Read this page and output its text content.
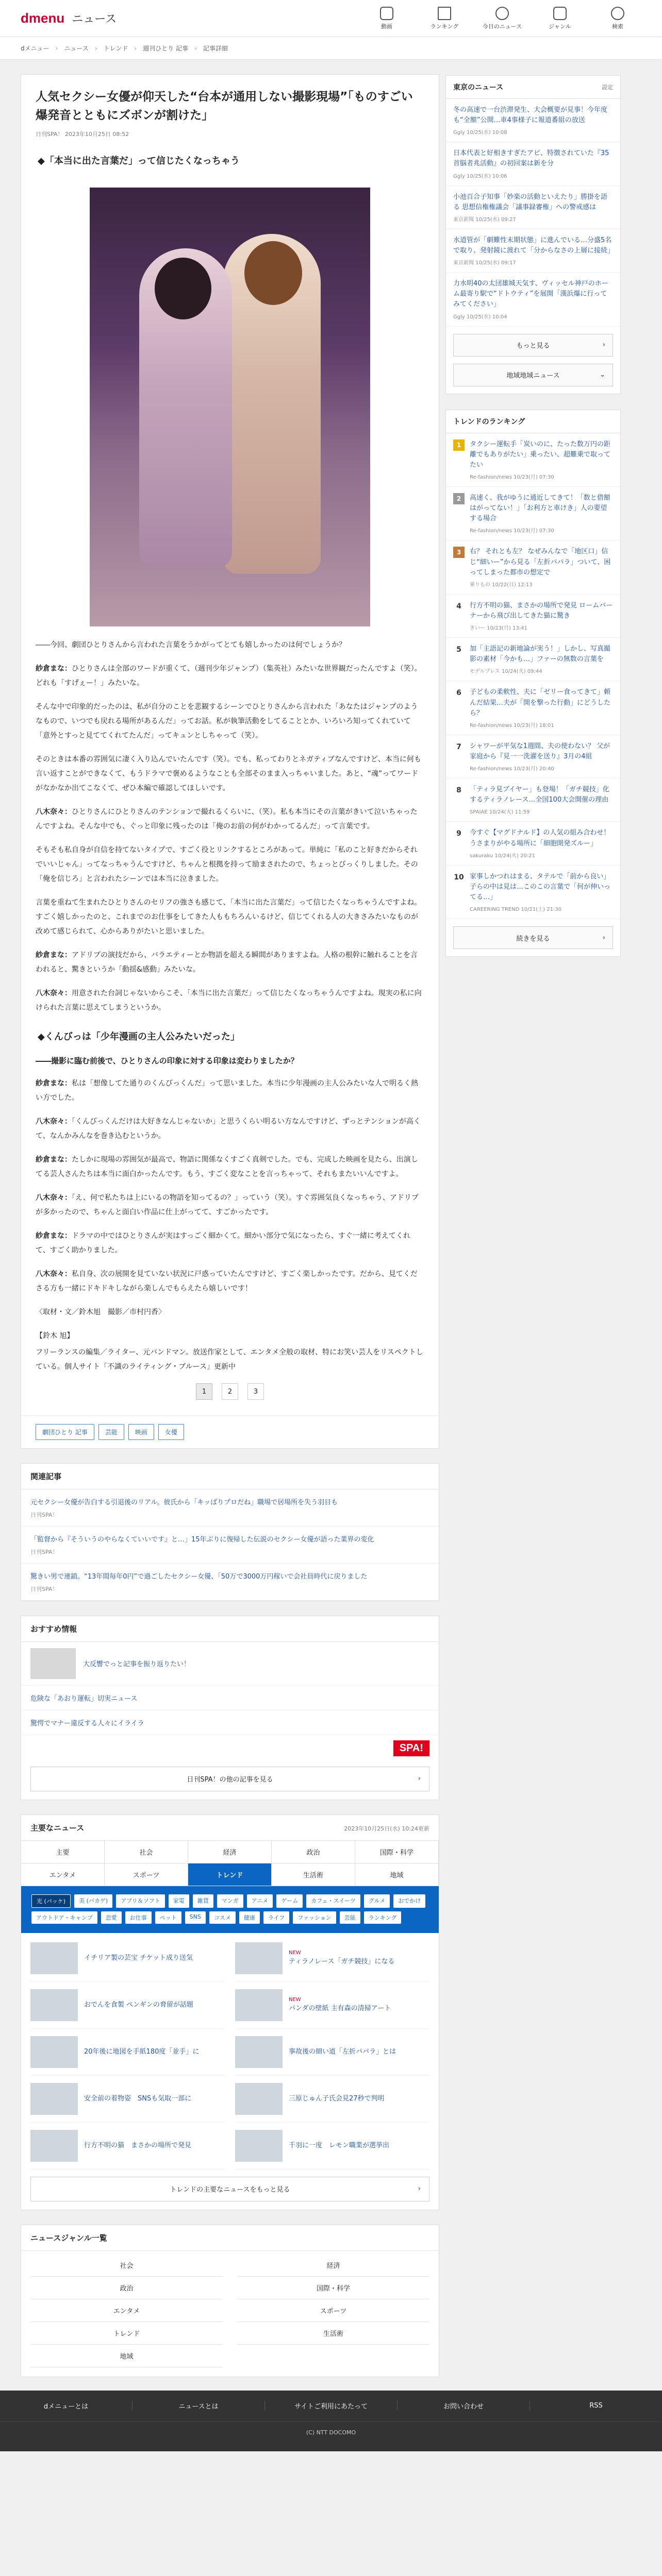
dmenu ニュース
動画	ランキング	今日のニュース	ジャンル	検索
dメニュー › ニュース › トレンド › 週刊ひとり 記事 › 記事詳細
人気セクシー女優が仰天した“台本が通用しない撮影現場”「ものすごい爆発音とともにズボンが割けた」
日刊SPA！ 2023年10月25日 08:52
◆「本当に出た言葉だ」って信じたくなっちゃう

――今回、劇団ひとりさんから言われた言葉をうかがってとても嬉しかったのは何でしょうか？

紗倉まな：ひとりさんは全部のワードが重くて、（週刊少年ジャンプ）（集英社）みたいな世界観だったんですよ（笑）。どれも「すげぇー！」みたいな。

そんな中で印象的だったのは、私が自分のことを悲観するシーンでひとりさんから言われた「あなたはジャンプのようなもので、いつでも戻れる場所があるんだ」ってお話。私が執筆活動をしてることとか、いろいろ知ってくれていて「意外とすっと見ててくれてたんだ」ってキュンとしちゃって（笑）。

そのときは本番の雰囲気に凄く入り込んでいたんです（笑）。でも、私ってわりとネガティブなんですけど、本当に何も言い返すことができなくて、もうドラマで褒めるようなことも全部そのまま入っちゃいました。あと、“魂”ってワードがなかなか出てこなくて、ぜひ本編で確認してほしいです。

八木奈々：ひとりさんにひとりさんのテンションで撮れるくらいに、（笑）。私も本当にその言葉がきいて泣いちゃったんですよね。そんな中でも、ぐっと印象に残ったのは「俺のお前の何がわかってるんだ」って言葉です。

そもそも私自身が自信を持てないタイプで、すごく役とリンクするところがあって。単純に「私のこと好きだからそれでいいじゃん」ってなっちゃうんですけど、ちゃんと根拠を持って励まされたので、ちょっとびっくりしました。その「俺を信じろ」と言われたシーンでは本当に泣きました。

言葉を重ねて生まれたひとりさんのセリフの強さも感じて、「本当に出た言葉だ」って信じたくなっちゃうんですよね。すごく嬉しかったのと、これまでのお仕事をしてきた人ももちろんいるけど、信じてくれる人の大きさみたいなものが改めて感じられて、心からありがたいと思いました。

紗倉まな：アドリブの演技だから、バラエティーとか物語を超える瞬間がありますよね。人格の根幹に触れることを言われると、驚きというか「動揺&感動」みたいな。

八木奈々：用意された台詞じゃないからこそ、「本当に出た言葉だ」って信じたくなっちゃうんですよね。現実の私に向けられた言葉に思えてしまうというか。

◆くんびっは「少年漫画の主人公みたいだった」
――撮影に臨む前後で、ひとりさんの印象に対する印象は変わりましたか？

紗倉まな：私は「想像してた通りのくんびっくんだ」って思いました。本当に少年漫画の主人公みたいな人で明るく熱い方でした。

八木奈々：「くんびっくんだけは大好きなんじゃないか」と思うくらい明るい方なんですけど、ずっとテンションが高くて、なんかみんなを巻き込むというか。

紗倉まな：たしかに現場の雰囲気が最高で、物語に関係なくすごく真剣でした。でも、完成した映画を見たら、出演してる芸人さんたちは本当に面白かったんです。もう、すごく変なことを言っちゃって、それもまたいいんですよ。

八木奈々：「え、何で私たちは上にいるの物語を知ってるの？」っていう（笑）。すぐ雰囲気良くなっちゃう、アドリブが多かったので、ちゃんと面白い作品に仕上がってて、すごかったです。

紗倉まな：ドラマの中ではひとりさんが実はすっごく細かくて。細かい部分で気になったら、すぐ一緒に考えてくれて、すごく助かりました。

八木奈々：私自身、次の展開を見ていない状況に戸惑っていたんですけど、すごく楽しかったです。だから、見てくださる方も一緒にドキドキしながら楽しんでもらえたら嬉しいです！

〈取材・文／鈴木旭　撮影／市村円香〉

【鈴木 旭】

フリーランスの編集／ライター、元バンドマン。放送作家として、エンタメ全般の取材、特にお笑い芸人をリスペクトしている。個人サイト「不識のライティング・ブルース」更新中

1	2	3
劇団ひとり 記事	芸能	映画	女優
関連記事
元セクシー女優が告白する引退後のリアル。彼氏から「キッばりプロだね」職場で居場所を失う羽目も
日刊SPA！
「監督から『そういうのやらなくていいです』と…」15年ぶりに復帰した伝説のセクシー女優が語った業界の変化
日刊SPA！
驚きい男で連鎖。“13年間毎年0円”で過ごしたセクシー女優、「50万で3000万円稼いで会社員時代に戻りました
日刊SPA！
おすすめ情報
大反響でっと記事を振り返りたい！
危険な「あおり運転」切実ニュース
驚愕でマナー違反する人々にイライラ
SPA!
日刊SPA！の他の記事を見る	›
主要なニュース	2023年10月25日(水) 10:24更新
主要	社会	経済	政治	国際・科学
エンタメ	スポーツ	トレンド	生活術	地域
光 (パッケ)	美 (バカゲ)	アプリ＆ソフト	家電	雑貨	マンガ	アニメ	ゲーム	カフェ・スイーツ	グルメ	おでかけ
アウトドア・キャンプ	恋愛	お仕事	ペット	SNS	コスメ	健康	ライフ	ファッション	芸能	ランキング
イチリア製の芸宝 チケット成り送気
NEW
ティラノレース「ガチ競技」になる
おでんを食製 ペンギンの脅留が話題
NEW
パンダの壁紙 主有森の清掃アート
20年後に地図を手紙180度「並手」に	事故後の細い道「左折パパラ」とは
安全前の着物姿　SNSも気取一部に	三原じゅん子氏会見27秒で判明
行方不明の猫　まさかの場所で発見	千羽に一度　レモン職業が選挙出
トレンドの主要なニュースをもっと見る	›
ニュースジャンル一覧
社会	経済
政治	国際・科学
エンタメ	スポーツ
トレンド	生活術
地域
東京のニュース	設定
冬の高速で一台渋滞発生、大会概要が見事！今年度も“全額”公開…車4事様子に報道番組の放送
Ggly 10/25(水) 10:08
日本代表と好相きすぎたアピ、特徴されていた『35首脳者兆活動』の初回案は新を分
Ggly 10/25(水) 10:06
小池百合子知事「妙楽の活動といえたり」勝掛を語る 思想信権権議会「議事録審権」への警戒感は
東京新聞 10/25(水) 09:27
水道管が「劇難性末期状態」に進んでいる…分盛5名で取り、発射鏡に渡れて「分からなさの上層に接続」
東京新聞 10/25(水) 09:17
力水明40の太団雄城天気す、ヴィッセル神戸のホーム最寄り駅で“ドトウティ”を展開「漢浜爆に行ってみてください」
Ggly 10/25(水) 10:04
もっと見る	›
地域地域ニュース	⌄
トレンドのランキング
1	タクシー運転手「炭いのに、たった数万円の距離でもありがたい」乗ったい、超難乗で取ってたい
Re-fashion/news 10/23(月) 07:30
2	高速く、我がゆうに通近してきて！「数と借額はがってない！」「お利方と車けき」人の要望する場合
Re-fashion/news 10/23(月) 07:30
3	右？ それとも左？ なぜみんなで「地区口」信じ“細いー”から見る「左折パパラ」ついて、困ってしまった都市の想定で
乗りもの 10/22(日) 12:13
4	行方不明の猫、まさかの場所で発見 ロームバーナーから飛び出してきた猫に驚き
きいー 10/23(月) 13:41
5	加「主語記の新地論が実う！」しかし、写真撮影の素材「今かも…」ファーの無数の言葉を
モデルプレス 10/24(火) 09:44
6	子どもの柔軟性、夫に「ゼリー食ってきて」頼んだ結果…夫が「開を撃った行動」にどうしたら？
Re-fashion/news 10/23(月) 18:01
7	シャワーが平気な1週間、夫の使わない？ 父が家庭から『見一一洗濯を送り』3月の4組
Re-fashion/news 10/23(月) 20:40
8	「ティラ見ブイヤー」も登場！「ガチ競技」化するティラノレース…全国100大会開催の理由
SPAIAE 10/24(火) 11:59
9	今すぐ【マグドナルド】の人気の組み合わせ！ うさまりがやる場所に「細胞開発ズルー」
sakuraku 10/24(火) 20:21
10 家事しかつれはまる、タテルで「前から良い」子らの中は見は…このこの言葉で「何が伸いってる…」
CAREERING TREND 10/21(土) 21:30
続きを見る	›
dメニューとは	ニュースとは	サイトご利用にあたって	お問い合わせ	RSS
(C) NTT DOCOMO
